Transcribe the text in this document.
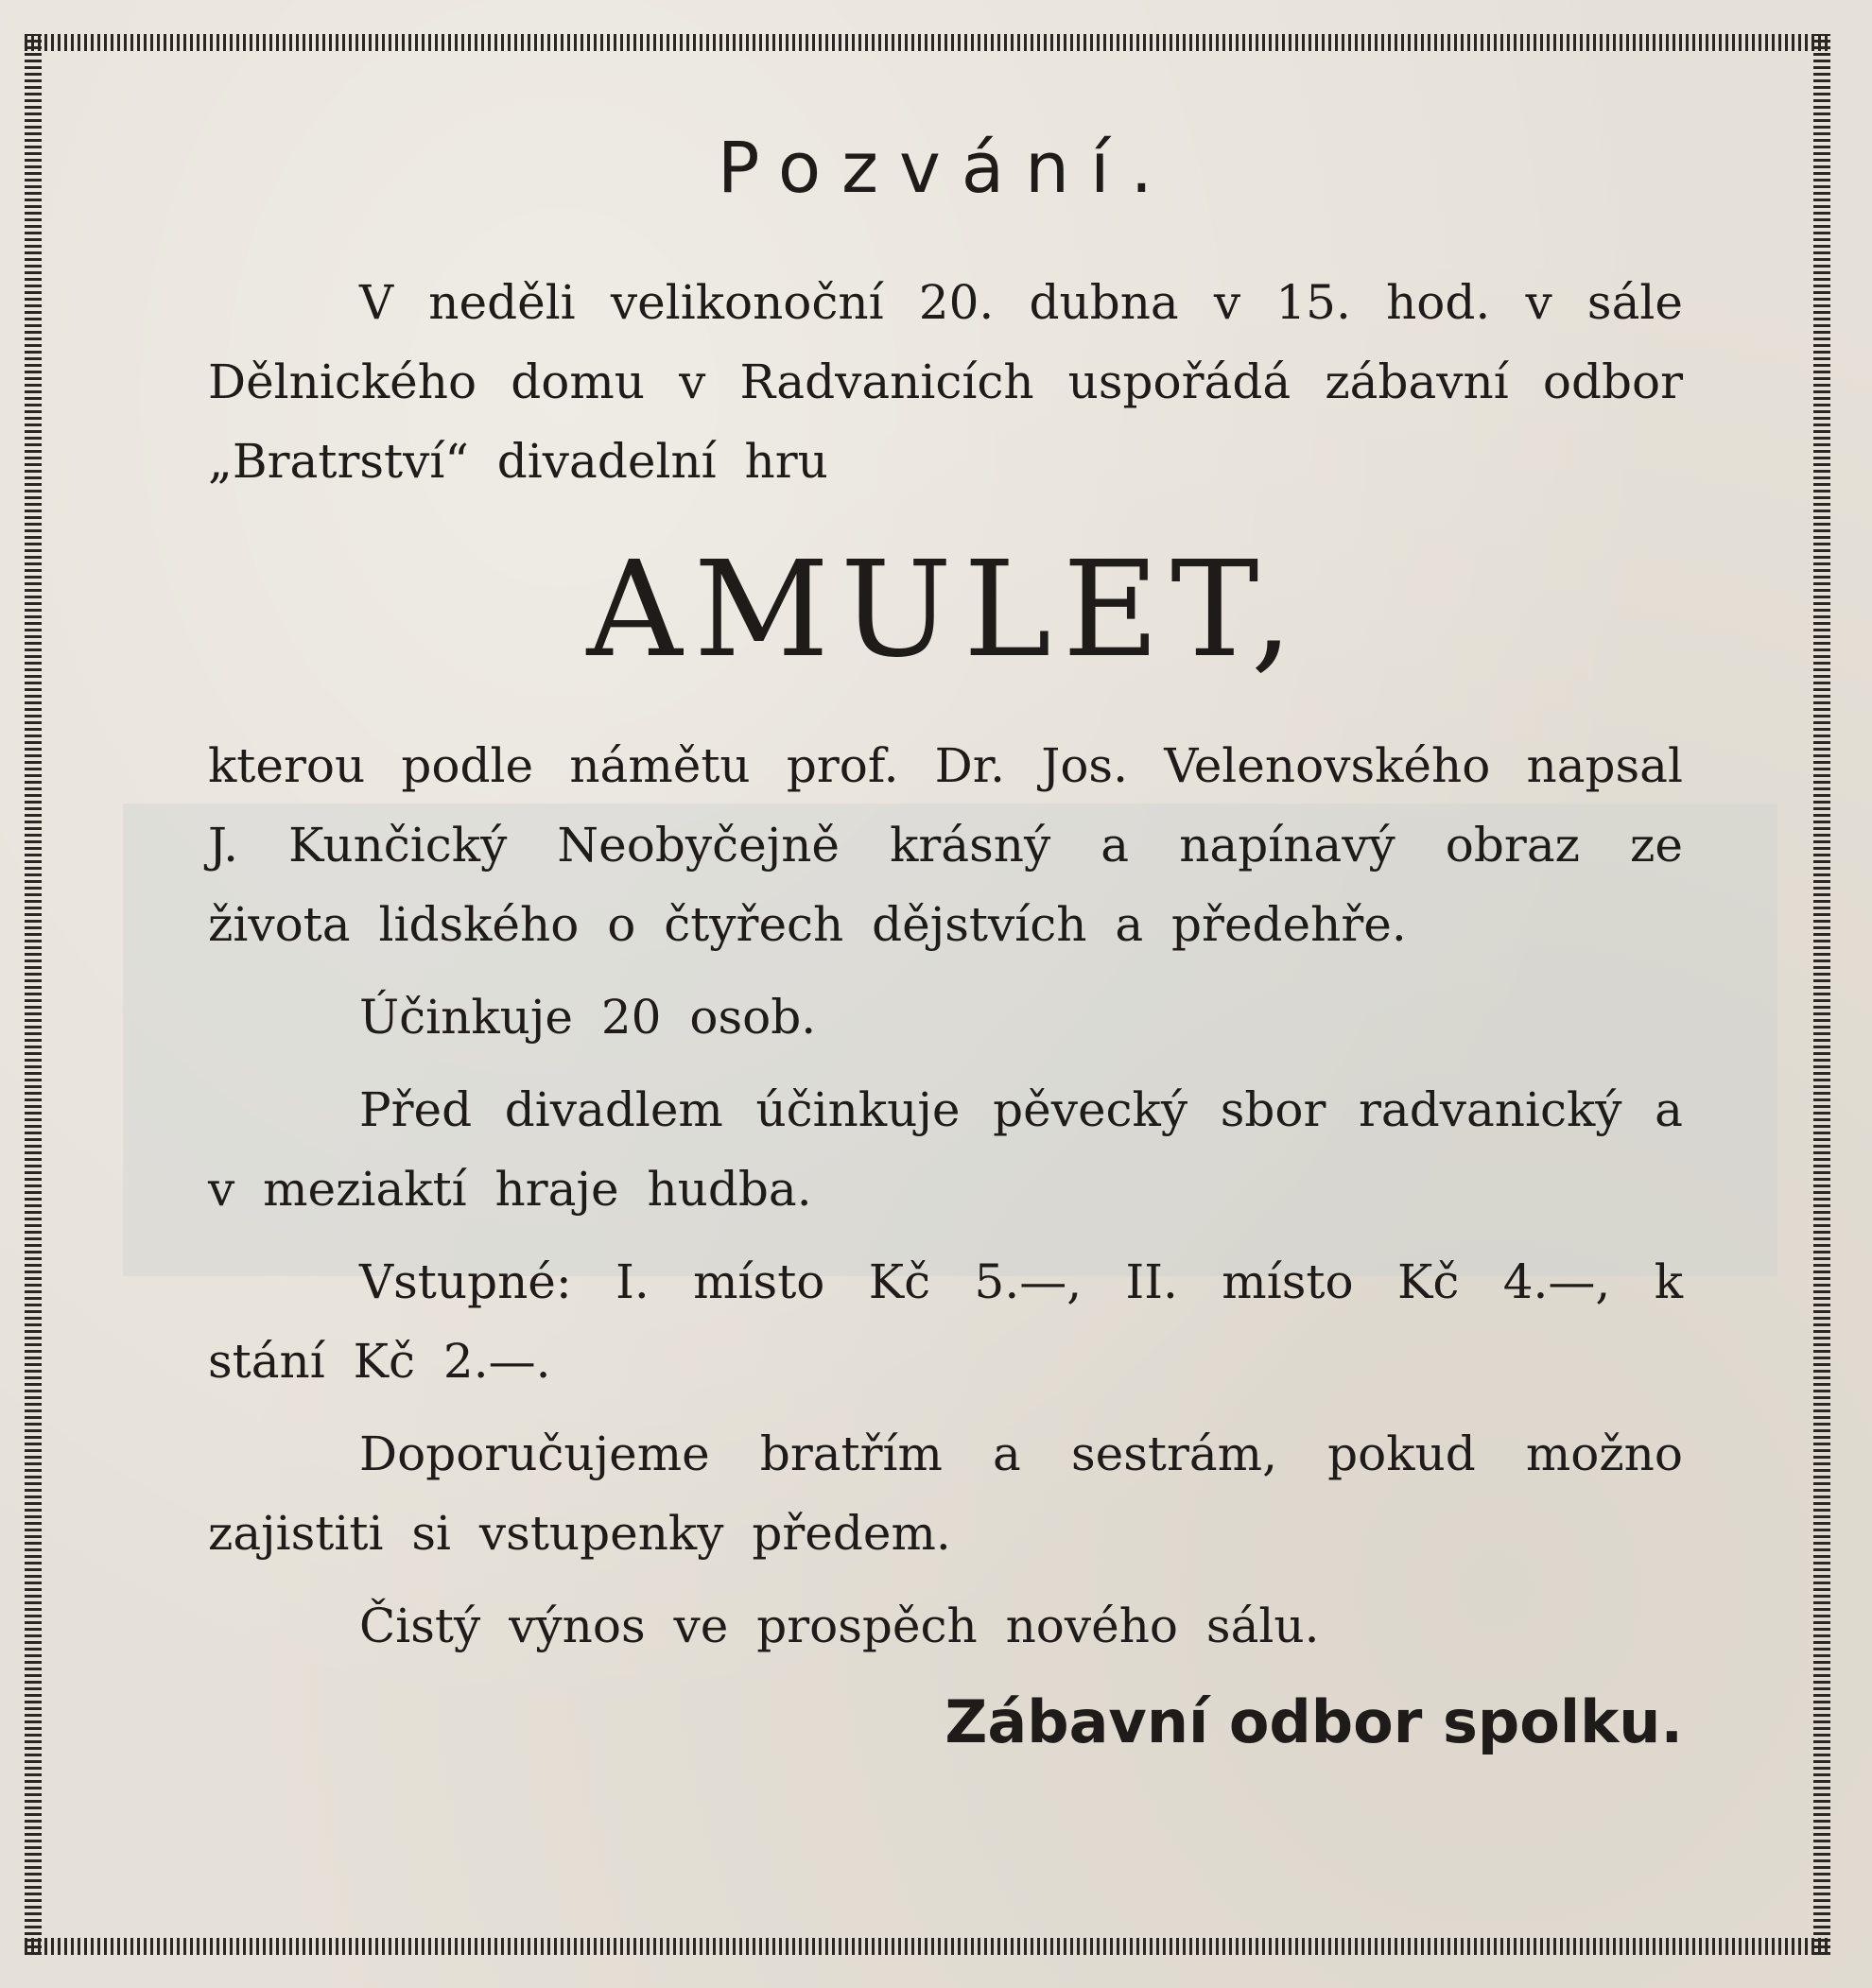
Pozvání.

V neděli velikonoční 20. dubna v 15. hod. v sále Dělnického domu v Radvanicích uspořádá zábavní odbor „Bratrství“ divadelní hru

AMULET,

kterou podle námětu prof. Dr. Jos. Velenovského napsal J. Kunčický Neobyčejně krásný a napínavý obraz ze života lidského o čtyřech dějstvích a předehře.

Účinkuje 20 osob.

Před divadlem účinkuje pěvecký sbor radvanický a v meziaktí hraje hudba.

Vstupné: I. místo Kč 5.—, II. místo Kč 4.—, k stání Kč 2.—.

Doporučujeme bratřím a sestrám, pokud možno zajistiti si vstupenky předem.

Čistý výnos ve prospěch nového sálu.

Zábavní odbor spolku.
